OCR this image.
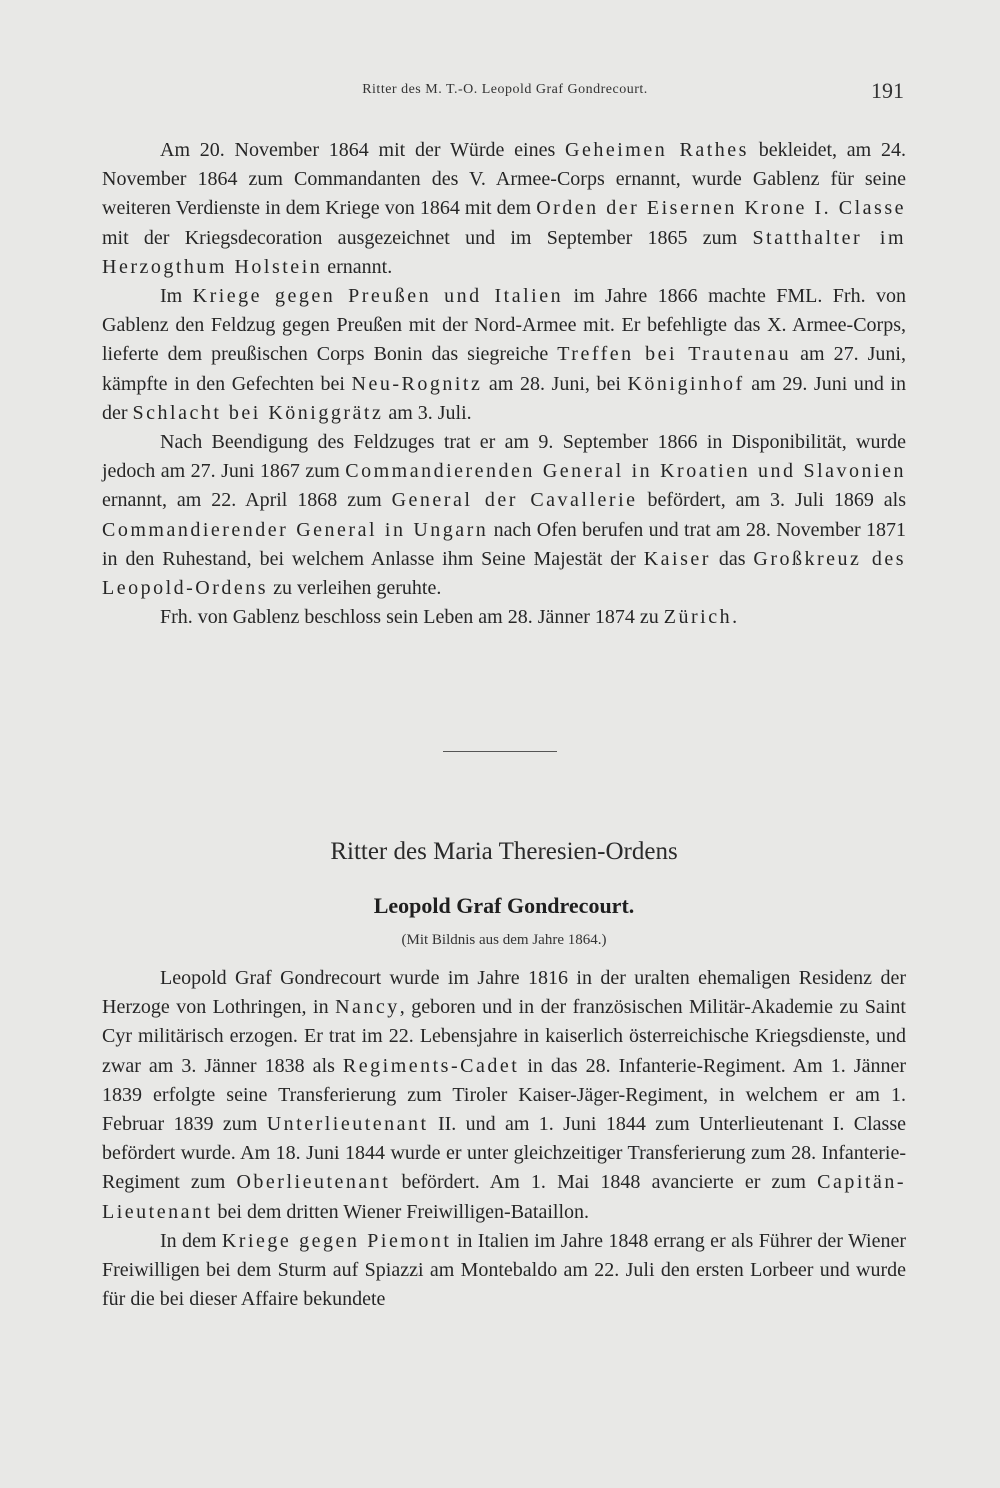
Ritter des M. T.-O. Leopold Graf Gondrecourt.	191

Am 20. November 1864 mit der Würde eines Geheimen Rathes bekleidet, am 24. November 1864 zum Commandanten des V. Armee-Corps ernannt, wurde Gablenz für seine weiteren Verdienste in dem Kriege von 1864 mit dem Orden der Eisernen Krone I. Classe mit der Kriegsdecoration ausgezeichnet und im September 1865 zum Statthalter im Herzogthum Holstein ernannt.

Im Kriege gegen Preußen und Italien im Jahre 1866 machte FML. Frh. von Gablenz den Feldzug gegen Preußen mit der Nord-Armee mit. Er befehligte das X. Armee-Corps, lieferte dem preußischen Corps Bonin das siegreiche Treffen bei Trautenau am 27. Juni, kämpfte in den Gefechten bei Neu-Rognitz am 28. Juni, bei Königinhof am 29. Juni und in der Schlacht bei Königgrätz am 3. Juli.

Nach Beendigung des Feldzuges trat er am 9. September 1866 in Disponibilität, wurde jedoch am 27. Juni 1867 zum Commandierenden General in Kroatien und Slavonien ernannt, am 22. April 1868 zum General der Cavallerie befördert, am 3. Juli 1869 als Commandierender General in Ungarn nach Ofen berufen und trat am 28. November 1871 in den Ruhestand, bei welchem Anlasse ihm Seine Majestät der Kaiser das Großkreuz des Leopold-Ordens zu verleihen geruhte.

Frh. von Gablenz beschloss sein Leben am 28. Jänner 1874 zu Zürich.

Ritter des Maria Theresien-Ordens
Leopold Graf Gondrecourt.
(Mit Bildnis aus dem Jahre 1864.)

Leopold Graf Gondrecourt wurde im Jahre 1816 in der uralten ehemaligen Residenz der Herzoge von Lothringen, in Nancy, geboren und in der französischen Militär-Akademie zu Saint Cyr militärisch erzogen. Er trat im 22. Lebensjahre in kaiserlich österreichische Kriegsdienste, und zwar am 3. Jänner 1838 als Regiments-Cadet in das 28. Infanterie-Regiment. Am 1. Jänner 1839 erfolgte seine Transferierung zum Tiroler Kaiser-Jäger-Regiment, in welchem er am 1. Februar 1839 zum Unterlieutenant II. und am 1. Juni 1844 zum Unterlieutenant I. Classe befördert wurde. Am 18. Juni 1844 wurde er unter gleichzeitiger Transferierung zum 28. Infanterie-Regiment zum Oberlieutenant befördert. Am 1. Mai 1848 avancierte er zum Capitän-Lieutenant bei dem dritten Wiener Freiwilligen-Bataillon.

In dem Kriege gegen Piemont in Italien im Jahre 1848 errang er als Führer der Wiener Freiwilligen bei dem Sturm auf Spiazzi am Montebaldo am 22. Juli den ersten Lorbeer und wurde für die bei dieser Affaire bekundete
